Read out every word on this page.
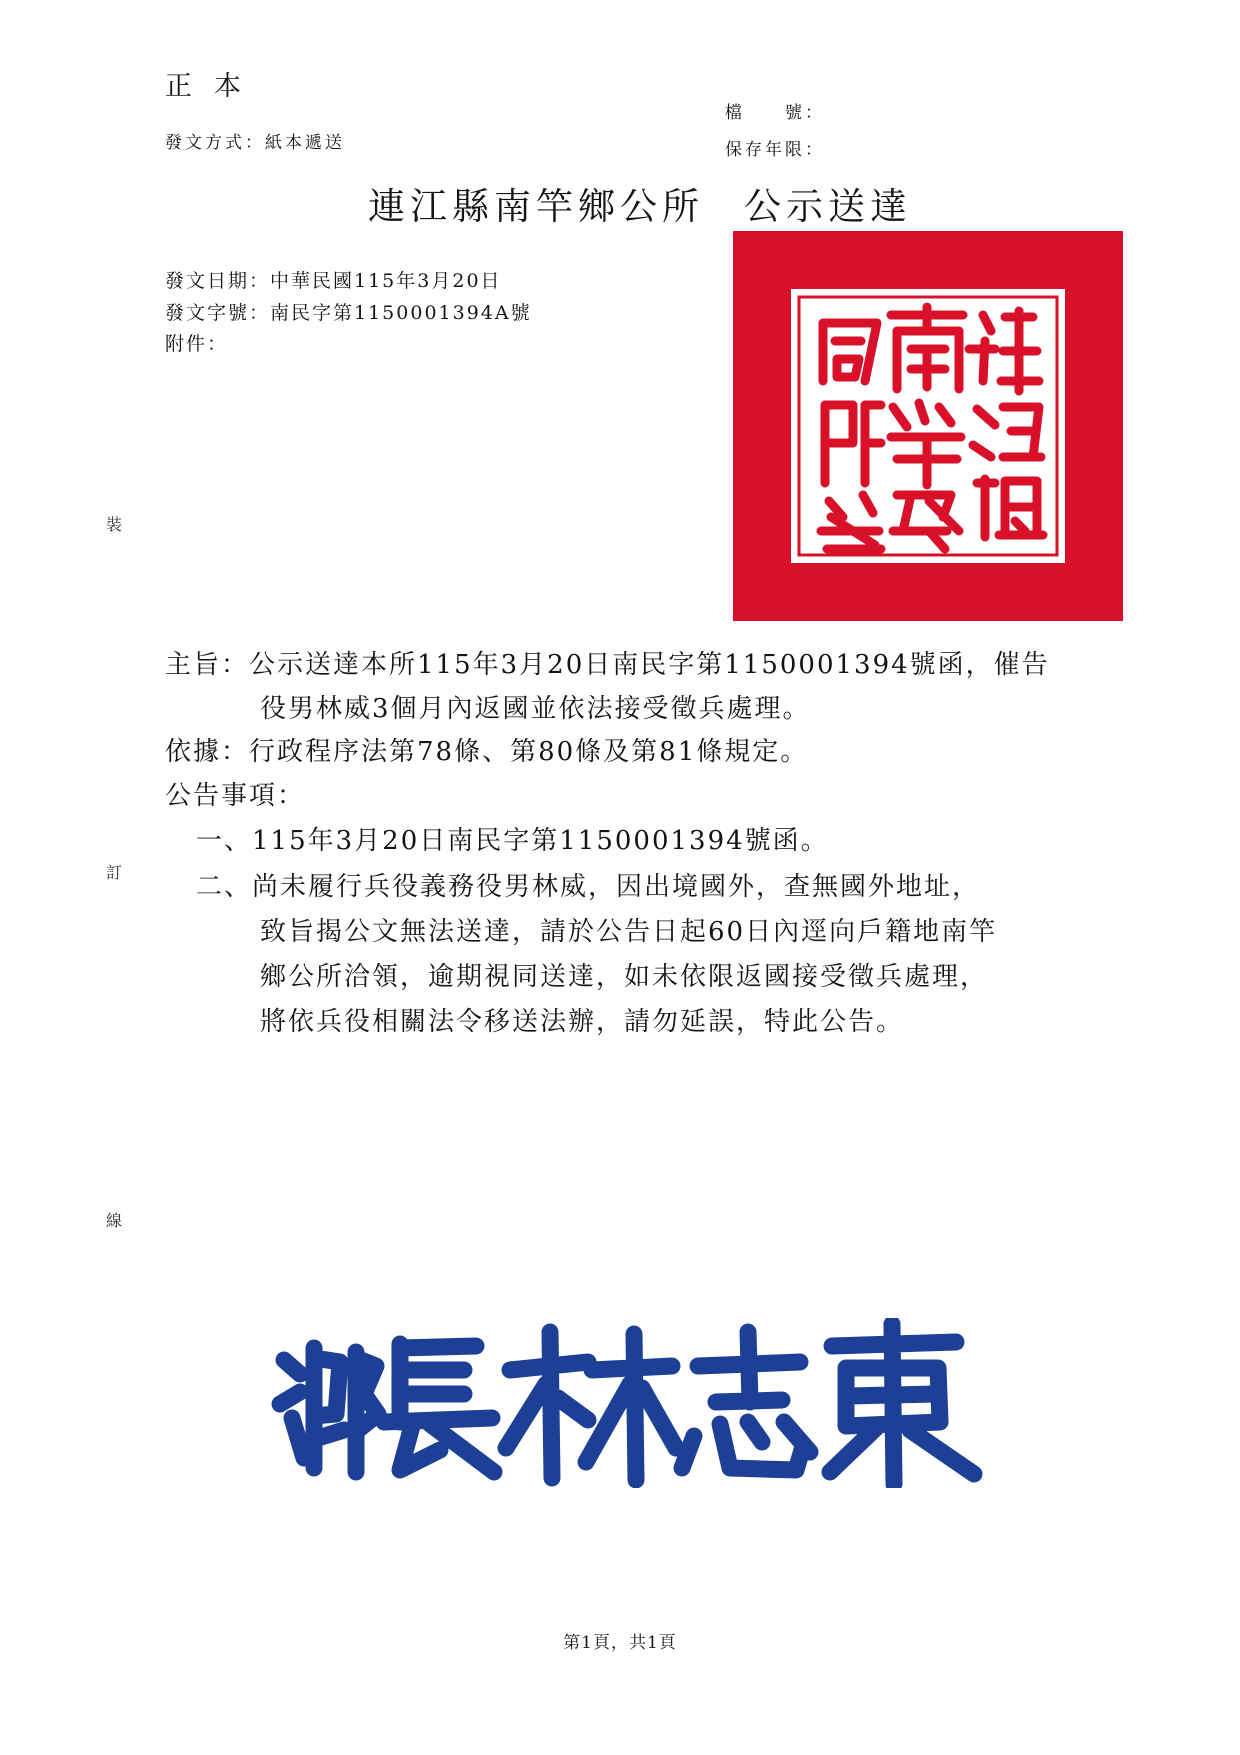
正本
發文方式：紙本遞送
檔　　號：
保存年限：
連江縣南竿鄉公所 公示送達
發文日期：中華民國115年3月20日
發文字號：南民字第1150001394A號
附件：
裝
訂
線
主旨：公示送達本所115年3月20日南民字第1150001394號函，催告
役男林威3個月內返國並依法接受徵兵處理。
依據：行政程序法第78條、第80條及第81條規定。
公告事項：
一、115年3月20日南民字第1150001394號函。
二、尚未履行兵役義務役男林威，因出境國外，查無國外地址，
致旨揭公文無法送達，請於公告日起60日內逕向戶籍地南竿
鄉公所洽領，逾期視同送達，如未依限返國接受徵兵處理，
將依兵役相關法令移送法辦，請勿延誤，特此公告。
第1頁，共1頁
